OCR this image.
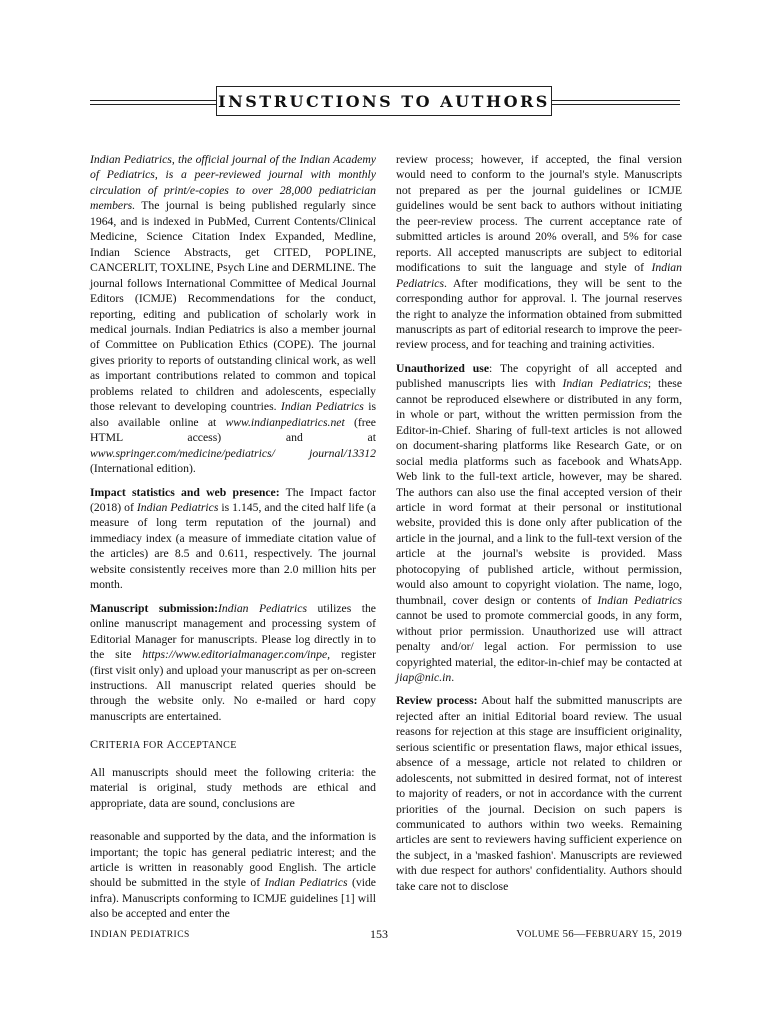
INSTRUCTIONS TO AUTHORS

Indian Pediatrics, the official journal of the Indian Academy of Pediatrics, is a peer-reviewed journal with monthly circulation of print/e-copies to over 28,000 pediatrician members. The journal is being published regularly since 1964, and is indexed in PubMed, Current Contents/Clinical Medicine, Science Citation Index Expanded, Medline, Indian Science Abstracts, get CITED, POPLINE, CANCERLIT, TOXLINE, Psych Line and DERMLINE. The journal follows International Committee of Medical Journal Editors (ICMJE) Recommendations for the conduct, reporting, editing and publication of scholarly work in medical journals. Indian Pediatrics is also a member journal of Committee on Publication Ethics (COPE). The journal gives priority to reports of outstanding clinical work, as well as important contributions related to common and topical problems related to children and adolescents, especially those relevant to developing countries. Indian Pediatrics is also available online at www.indianpediatrics.net (free HTML access) and at www.springer.com/medicine/pediatrics/ journal/13312 (International edition).

Impact statistics and web presence: The Impact factor (2018) of Indian Pediatrics is 1.145, and the cited half life (a measure of long term reputation of the journal) and immediacy index (a measure of immediate citation value of the articles) are 8.5 and 0.611, respectively. The journal website consistently receives more than 2.0 million hits per month.

Manuscript submission:Indian Pediatrics utilizes the online manuscript management and processing system of Editorial Manager for manuscripts. Please log directly in to the site https://www.editorialmanager.com/inpe, register (first visit only) and upload your manuscript as per on-screen instructions. All manuscript related queries should be through the website only. No e-mailed or hard copy manuscripts are entertained.

CRITERIA FOR ACCEPTANCE

All manuscripts should meet the following criteria: the material is original, study methods are ethical and appropriate, data are sound, conclusions are

reasonable and supported by the data, and the information is important; the topic has general pediatric interest; and the article is written in reasonably good English. The article should be submitted in the style of Indian Pediatrics (vide infra). Manuscripts conforming to ICMJE guidelines [1] will also be accepted and enter the

review process; however, if accepted, the final version would need to conform to the journal's style. Manuscripts not prepared as per the journal guidelines or ICMJE guidelines would be sent back to authors without initiating the peer-review process. The current acceptance rate of submitted articles is around 20% overall, and 5% for case reports. All accepted manuscripts are subject to editorial modifications to suit the language and style of Indian Pediatrics. After modifications, they will be sent to the corresponding author for approval. l. The journal reserves the right to analyze the information obtained from submitted manuscripts as part of editorial research to improve the peer-review process, and for teaching and training activities.

Unauthorized use: The copyright of all accepted and published manuscripts lies with Indian Pediatrics; these cannot be reproduced elsewhere or distributed in any form, in whole or part, without the written permission from the Editor-in-Chief. Sharing of full-text articles is not allowed on document-sharing platforms like Research Gate, or on social media platforms such as facebook and WhatsApp. Web link to the full-text article, however, may be shared. The authors can also use the final accepted version of their article in word format at their personal or institutional website, provided this is done only after publication of the article in the journal, and a link to the full-text version of the article at the journal's website is provided. Mass photocopying of published article, without permission, would also amount to copyright violation. The name, logo, thumbnail, cover design or contents of Indian Pediatrics cannot be used to promote commercial goods, in any form, without prior permission. Unauthorized use will attract penalty and/or/ legal action. For permission to use copyrighted material, the editor-in-chief may be contacted at jiap@nic.in.

Review process: About half the submitted manuscripts are rejected after an initial Editorial board review. The usual reasons for rejection at this stage are insufficient originality, serious scientific or presentation flaws, major ethical issues, absence of a message, article not related to children or adolescents, not submitted in desired format, not of interest to majority of readers, or not in accordance with the current priorities of the journal. Decision on such papers is communicated to authors within two weeks. Remaining articles are sent to reviewers having sufficient experience on the subject, in a 'masked fashion'. Manuscripts are reviewed with due respect for authors' confidentiality. Authors should take care not to disclose

INDIAN PEDIATRICS	153	VOLUME 56—FEBRUARY 15, 2019
